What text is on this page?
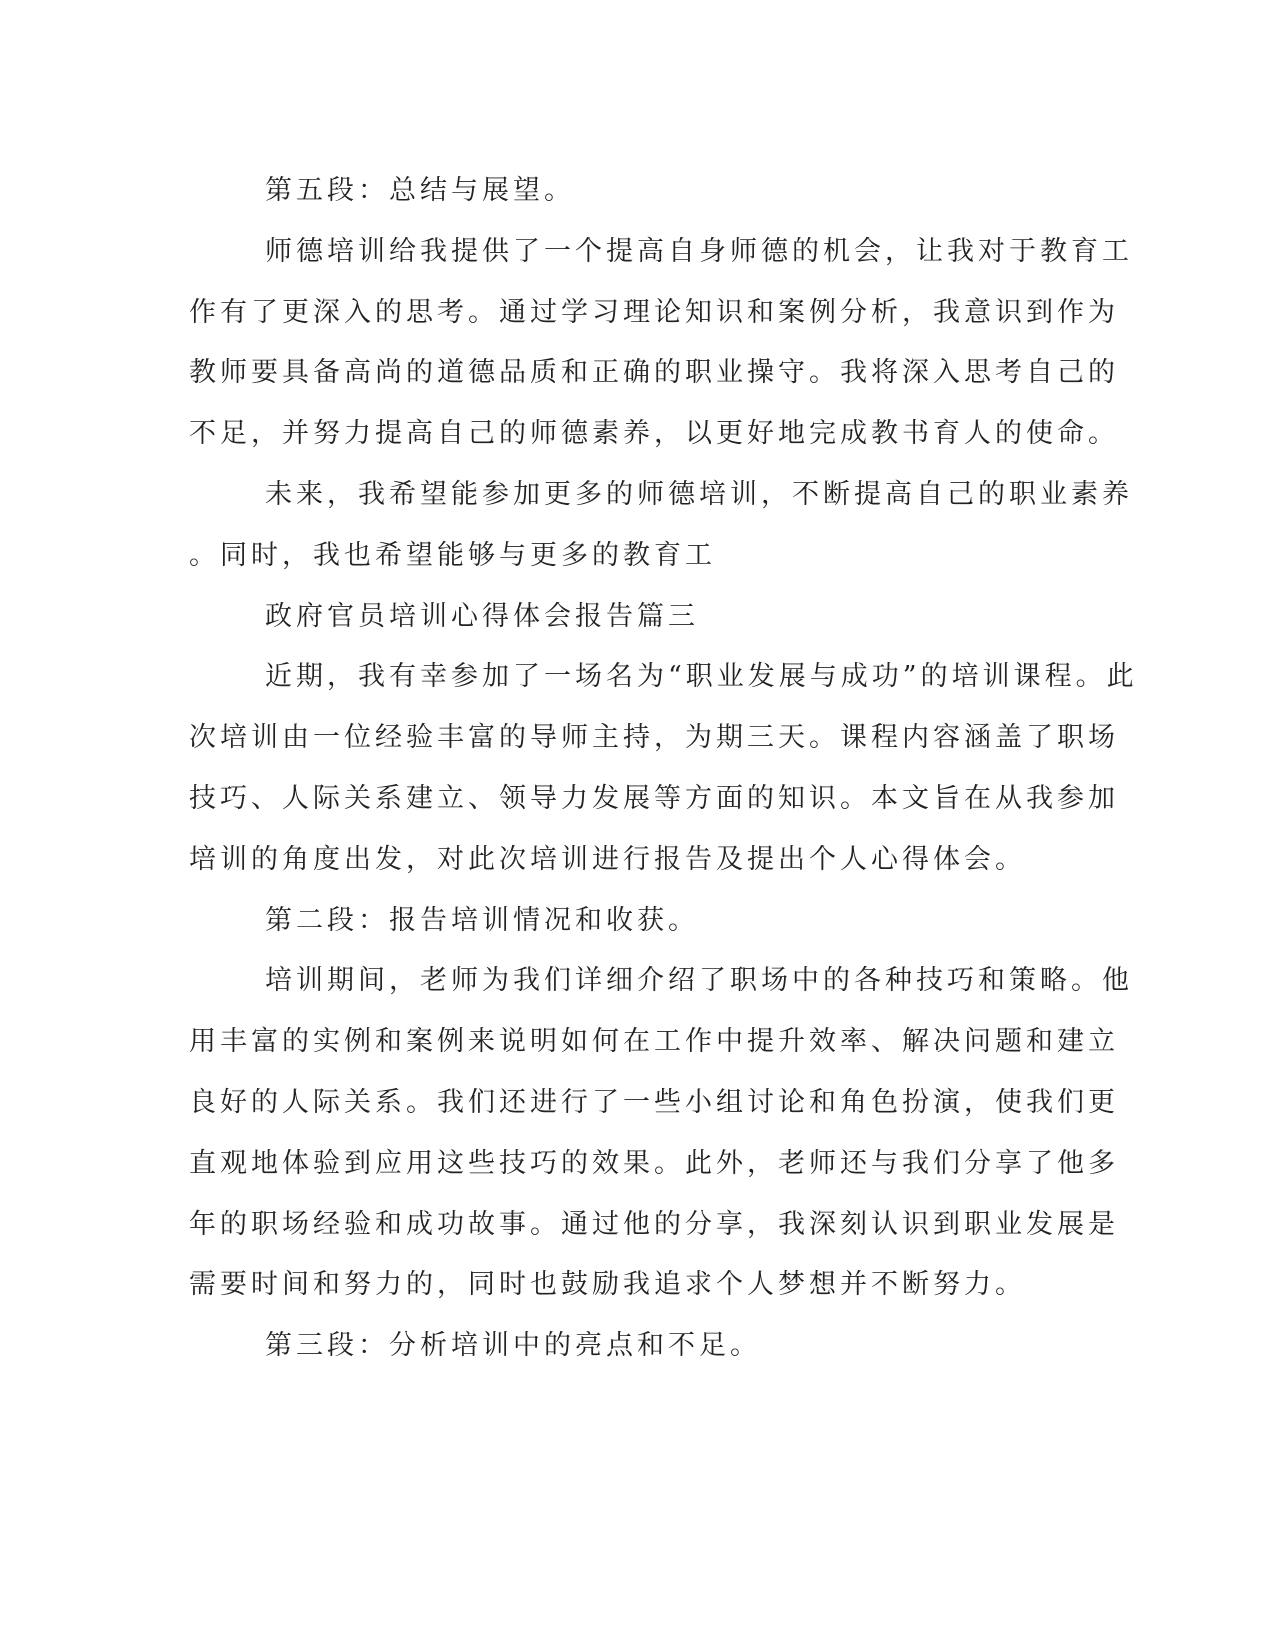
第五段：总结与展望。
师德培训给我提供了一个提高自身师德的机会，让我对于教育工
作有了更深入的思考。通过学习理论知识和案例分析，我意识到作为
教师要具备高尚的道德品质和正确的职业操守。我将深入思考自己的
不足，并努力提高自己的师德素养，以更好地完成教书育人的使命。
未来，我希望能参加更多的师德培训，不断提高自己的职业素养
。同时，我也希望能够与更多的教育工
政府官员培训心得体会报告篇三
近期，我有幸参加了一场名为“职业发展与成功”的培训课程。此
次培训由一位经验丰富的导师主持，为期三天。课程内容涵盖了职场
技巧、人际关系建立、领导力发展等方面的知识。本文旨在从我参加
培训的角度出发，对此次培训进行报告及提出个人心得体会。
第二段：报告培训情况和收获。
培训期间，老师为我们详细介绍了职场中的各种技巧和策略。他
用丰富的实例和案例来说明如何在工作中提升效率、解决问题和建立
良好的人际关系。我们还进行了一些小组讨论和角色扮演，使我们更
直观地体验到应用这些技巧的效果。此外，老师还与我们分享了他多
年的职场经验和成功故事。通过他的分享，我深刻认识到职业发展是
需要时间和努力的，同时也鼓励我追求个人梦想并不断努力。
第三段：分析培训中的亮点和不足。
